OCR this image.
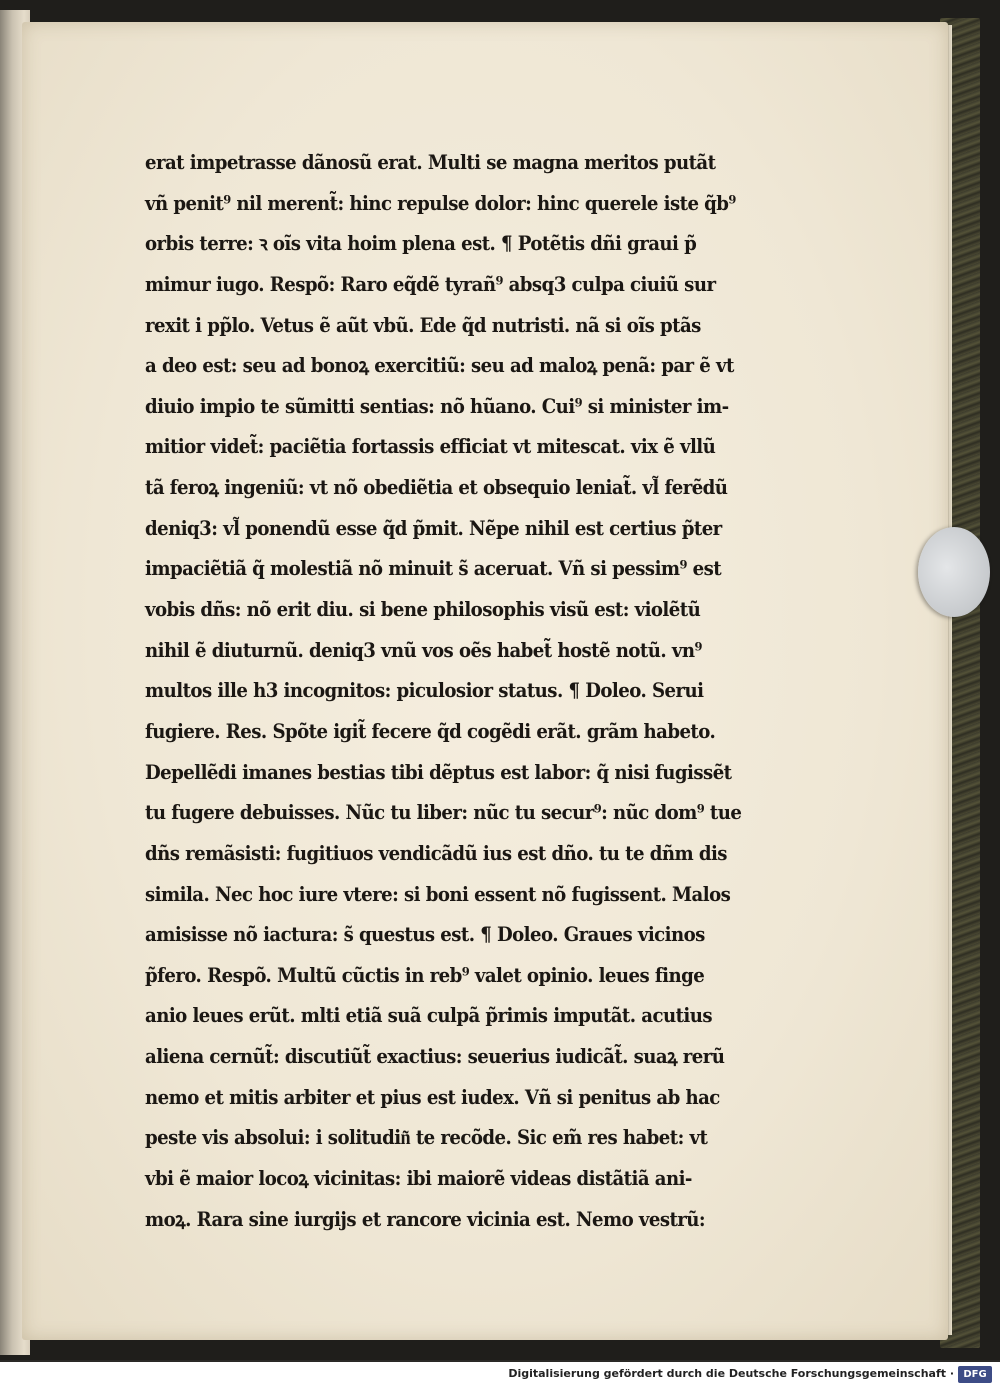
erat impetrasse dãnosũ erat. Multi se magna meritos putãt
vñ penit⁹ nil merent̃: hinc repulse dolor: hinc querele iste q̃b⁹
orbis terre: ꝛ oĩs vita hoim plena est. ¶ Potẽtis dñi graui p̃
mimur iugo. Respõ: Raro eq̃dẽ tyrañ⁹ absq3 culpa ciuiũ sur
rexit i pp̃lo. Vetus ẽ aũt vbũ. Ede q̃d nutristi. nã si oĩs ptãs
a deo est: seu ad bonoꝝ exercitiũ: seu ad maloꝝ penã: par ẽ vt
diuio impio te sũmitti sentias: nõ hũano. Cui⁹ si minister im-
mitior videt̃: paciẽtia fortassis efficiat vt mitescat. vix ẽ vllũ
tã feroꝝ ingeniũ: vt nõ obediẽtia et obsequio leniat̃. vl̃ ferẽdũ
deniq3: vl̃ ponendũ esse q̃d p̃mit. Nẽpe nihil est certius p̃ter
impaciẽtiã q̃ molestiã nõ minuit s̃ aceruat. Vñ si pessim⁹ est
vobis dñs: nõ erit diu. si bene philosophis visũ est: violẽtũ
nihil ẽ diuturnũ. deniq3 vnũ vos oẽs habet̃ hostẽ notũ. vn⁹
multos ille h3 incognitos: piculosior status. ¶ Doleo. Serui
fugiere. Res. Spõte igit̃ fecere q̃d cogẽdi erãt. grãm habeto.
Depellẽdi imanes bestias tibi dẽptus est labor: q̃ nisi fugissẽt
tu fugere debuisses. Nũc tu liber: nũc tu secur⁹: nũc dom⁹ tue
dñs remãsisti: fugitiuos vendicãdũ ius est dño. tu te dñm dis
simila. Nec hoc iure vtere: si boni essent nõ fugissent. Malos
amisisse nõ iactura: s̃ questus est. ¶ Doleo. Graues vicinos
p̃fero. Respõ. Multũ cũctis in reb⁹ valet opinio. leues finge
anio leues erũt. mlti etiã suã culpã p̃rimis imputãt. acutius
aliena cernũt̃: discutiũt̃ exactius: seuerius iudicãt̃. suaꝝ rerũ
nemo et mitis arbiter et pius est iudex. Vñ si penitus ab hac
peste vis absolui: i solitudin͂ te recõde. Sic em̃ res habet: vt
vbi ẽ maior locoꝝ vicinitas: ibi maiorẽ videas distãtiã ani-
moꝝ. Rara sine iurgijs et rancore vicinia est. Nemo vestrũ:
Digitalisierung gefördert durch die Deutsche Forschungsgemeinschaft · DFG
